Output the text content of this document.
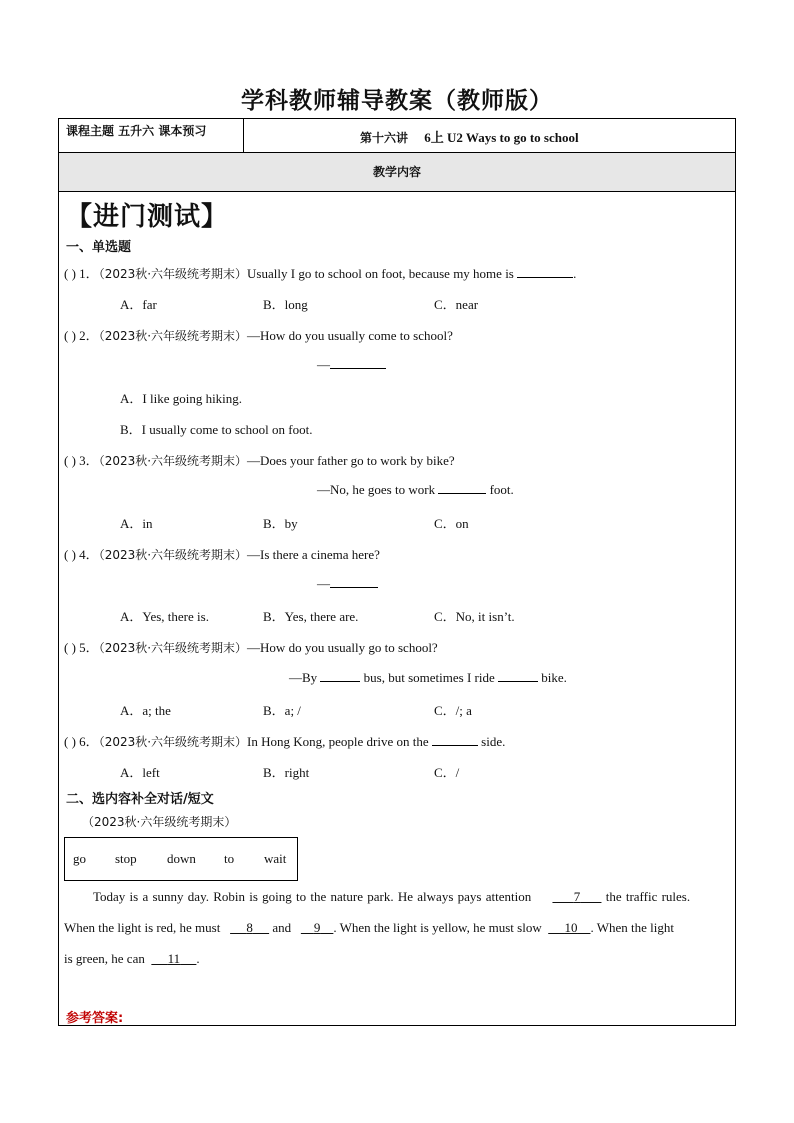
学科教师辅导教案（教师版）
课程主题 五升六 课本预习	第十六讲 6上 U2 Ways to go to school
教学内容
【进门测试】
一、单选题
( ) 1．（2023秋·六年级统考期末）Usually I go to school on foot, because my home is	.
A．far	B．long	C．near
( ) 2．（2023秋·六年级统考期末）—How do you usually come to school?
—
A．I like going hiking.
B．I usually come to school on foot.
( ) 3．（2023秋·六年级统考期末）—Does your father go to work by bike?
—No, he goes to work	foot.
A．in	B．by	C．on
( ) 4．（2023秋·六年级统考期末）—Is there a cinema here?
—
A．Yes, there is.	B．Yes, there are.	C．No, it isn’t.
( ) 5．（2023秋·六年级统考期末）—How do you usually go to school?
—By	bus, but sometimes I ride	bike.
A．a; the	B．a; /	C．/; a
( ) 6．（2023秋·六年级统考期末）In Hong Kong, people drive on the	side.
A．left	B．right	C．/
二、选内容补全对话/短文
（2023秋·六年级统考期末）
go stop down to wait
Today is a sunny day. Robin is going to the nature park. He always pays attention	7      the traffic rules.
When the light is red, he must        8      and       9 . When the light is yellow, he must slow       10 . When the light
is green, he can       11 .
参考答案:
